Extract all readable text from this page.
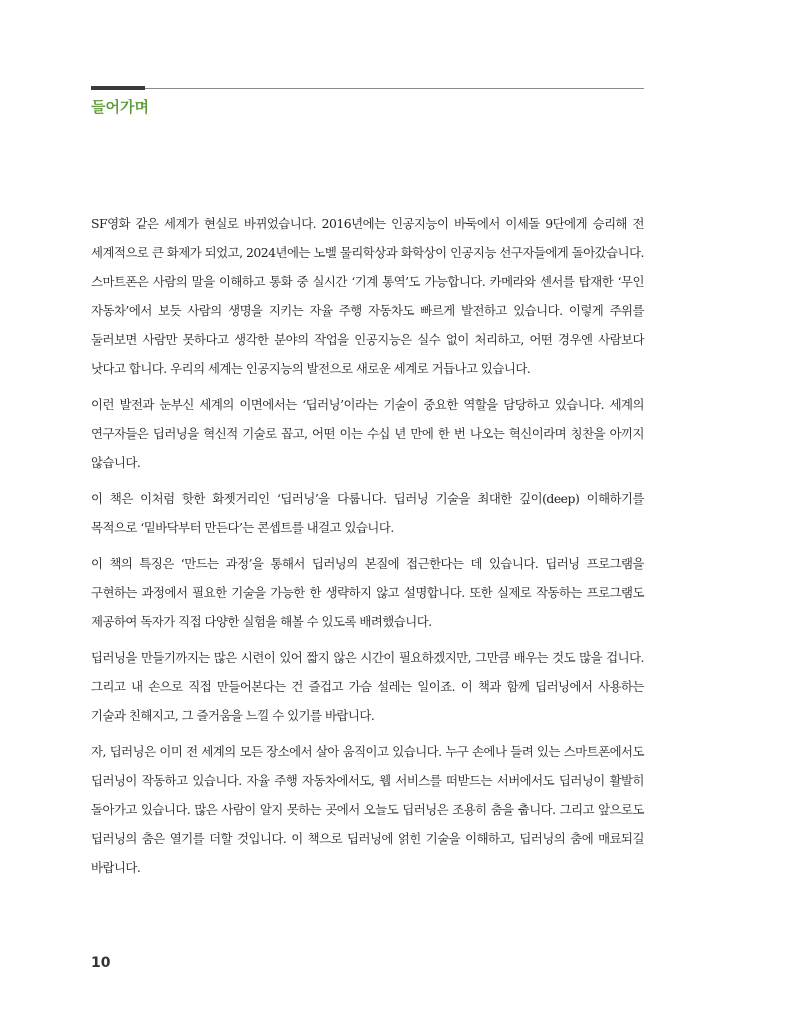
들어가며

SF영화 같은 세계가 현실로 바뀌었습니다. 2016년에는 인공지능이 바둑에서 이세돌 9단에게 승리해 전 세계적으로 큰 화제가 되었고, 2024년에는 노벨 물리학상과 화학상이 인공지능 선구자들에게 돌아갔습니다. 스마트폰은 사람의 말을 이해하고 통화 중 실시간 ‘기계 통역’도 가능합니다. 카메라와 센서를 탑재한 ‘무인 자동차’에서 보듯 사람의 생명을 지키는 자율 주행 자동차도 빠르게 발전하고 있습니다. 이렇게 주위를 둘러보면 사람만 못하다고 생각한 분야의 작업을 인공지능은 실수 없이 처리하고, 어떤 경우엔 사람보다 낫다고 합니다. 우리의 세계는 인공지능의 발전으로 새로운 세계로 거듭나고 있습니다.

이런 발전과 눈부신 세계의 이면에서는 ‘딥러닝’이라는 기술이 중요한 역할을 담당하고 있습니다. 세계의 연구자들은 딥러닝을 혁신적 기술로 꼽고, 어떤 이는 수십 년 만에 한 번 나오는 혁신이라며 칭찬을 아끼지 않습니다.

이 책은 이처럼 핫한 화젯거리인 ‘딥러닝’을 다룹니다. 딥러닝 기술을 최대한 깊이(deep) 이해하기를 목적으로 ‘밑바닥부터 만든다’는 콘셉트를 내걸고 있습니다.

이 책의 특징은 ‘만드는 과정’을 통해서 딥러닝의 본질에 접근한다는 데 있습니다. 딥러닝 프로그램을 구현하는 과정에서 필요한 기술을 가능한 한 생략하지 않고 설명합니다. 또한 실제로 작동하는 프로그램도 제공하여 독자가 직접 다양한 실험을 해볼 수 있도록 배려했습니다.

딥러닝을 만들기까지는 많은 시련이 있어 짧지 않은 시간이 필요하겠지만, 그만큼 배우는 것도 많을 겁니다. 그리고 내 손으로 직접 만들어본다는 건 즐겁고 가슴 설레는 일이죠. 이 책과 함께 딥러닝에서 사용하는 기술과 친해지고, 그 즐거움을 느낄 수 있기를 바랍니다.

자, 딥러닝은 이미 전 세계의 모든 장소에서 살아 움직이고 있습니다. 누구 손에나 들려 있는 스마트폰에서도 딥러닝이 작동하고 있습니다. 자율 주행 자동차에서도, 웹 서비스를 떠받드는 서버에서도 딥러닝이 활발히 돌아가고 있습니다. 많은 사람이 알지 못하는 곳에서 오늘도 딥러닝은 조용히 춤을 춥니다. 그리고 앞으로도 딥러닝의 춤은 열기를 더할 것입니다. 이 책으로 딥러닝에 얽힌 기술을 이해하고, 딥러닝의 춤에 매료되길 바랍니다.

10
